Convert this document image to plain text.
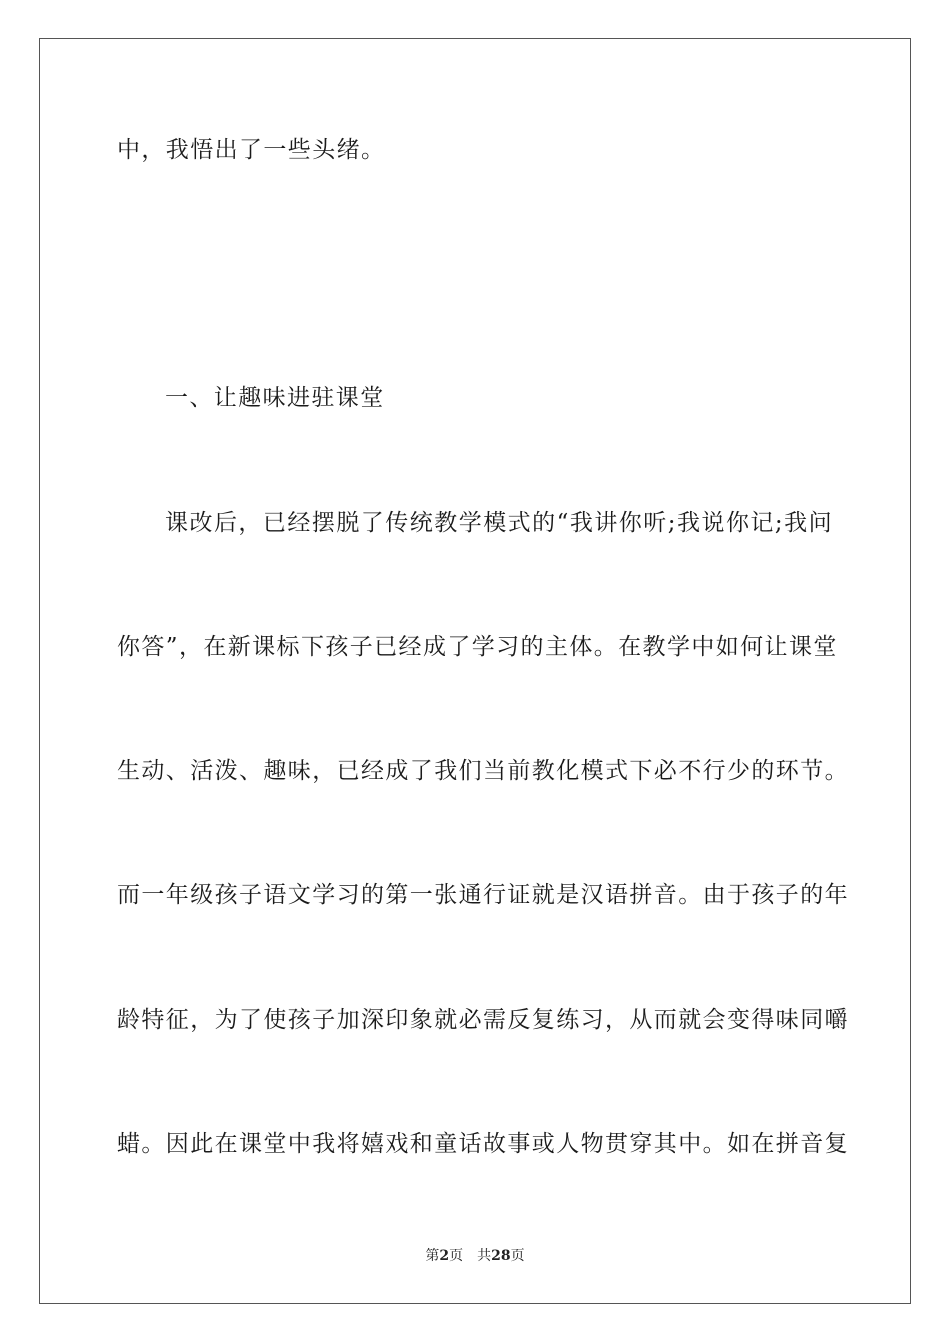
中，我悟出了一些头绪。
一、让趣味进驻课堂
课改后，已经摆脱了传统教学模式的“我讲你听;我说你记;我问
你答”，在新课标下孩子已经成了学习的主体。在教学中如何让课堂
生动、活泼、趣味，已经成了我们当前教化模式下必不行少的环节。
而一年级孩子语文学习的第一张通行证就是汉语拼音。由于孩子的年
龄特征，为了使孩子加深印象就必需反复练习，从而就会变得味同嚼
蜡。因此在课堂中我将嬉戏和童话故事或人物贯穿其中。如在拼音复
第2页 共28页
